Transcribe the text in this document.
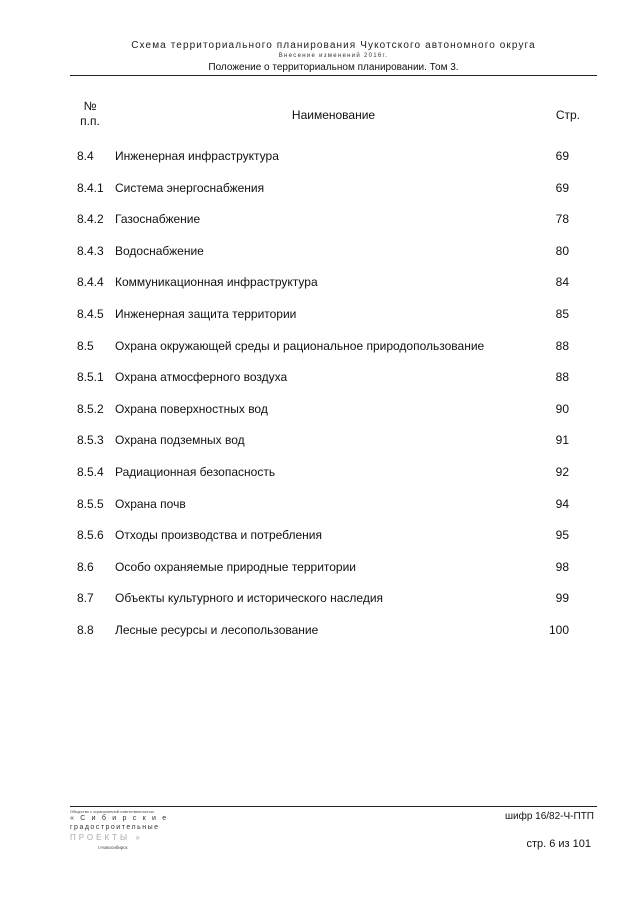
Схема территориального планирования Чукотского автономного округа
Внесение изменений 2016г.
Положение о территориальном планировании. Том 3.
№
п.п.	Наименование	Стр.
8.4 Инженерная инфраструктура	69
8.4.1 Система энергоснабжения	69
8.4.2 Газоснабжение	78
8.4.3 Водоснабжение	80
8.4.4 Коммуникационная инфраструктура	84
8.4.5 Инженерная защита территории	85
8.5 Охрана окружающей среды и рациональное природопользование	88
8.5.1 Охрана атмосферного воздуха	88
8.5.2 Охрана поверхностных вод	90
8.5.3 Охрана подземных вод	91
8.5.4 Радиационная безопасность	92
8.5.5 Охрана почв	94
8.5.6 Отходы производства и потребления	95
8.6 Особо охраняемые природные территории	98
8.7 Объекты культурного и исторического наследия	99
8.8 Лесные ресурсы и лесопользование	100
Общество с ограниченной ответственностью
« С и б и р с к и е
градостроительные
ПРОЕКТЫ »
г.Новосибирск
шифр 16/82-Ч-ПТП
стр. 6 из 101
